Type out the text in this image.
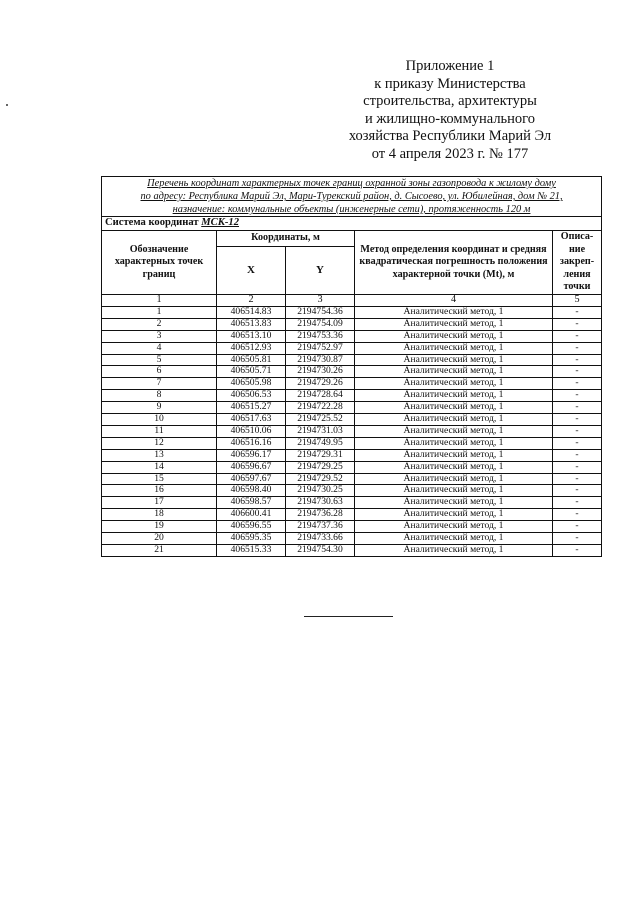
Приложение 1
к приказу Министерства
строительства, архитектуры
и жилищно-коммунального
хозяйства Республики Марий Эл
от 4 апреля 2023 г. № 177
Перечень координат характерных точек границ охранной зоны газопровода к жилому дому
по адресу: Республика Марий Эл, Мари-Турекский район, д. Сысоево, ул. Юбилейная, дом № 21,
назначение: коммунальные объекты (инженерные сети), протяженность 120 м				

Система координат МСК-12				
Обозначение характерных точек границ	Координаты, м		Метод определения координат и средняя квадратическая погрешность положения характерной точки (Mt), м	Описа-ние закреп-ления точки
	X	Y		
1	2	3	4	5
1	406514.83	2194754.36	Аналитический метод, 1	-
2	406513.83	2194754.09	Аналитический метод, 1	-
3	406513.10	2194753.36	Аналитический метод, 1	-
4	406512.93	2194752.97	Аналитический метод, 1	-
5	406505.81	2194730.87	Аналитический метод, 1	-
6	406505.71	2194730.26	Аналитический метод, 1	-
7	406505.98	2194729.26	Аналитический метод, 1	-
8	406506.53	2194728.64	Аналитический метод, 1	-
9	406515.27	2194722.28	Аналитический метод, 1	-
10	406517.63	2194725.52	Аналитический метод, 1	-
11	406510.06	2194731.03	Аналитический метод, 1	-
12	406516.16	2194749.95	Аналитический метод, 1	-
13	406596.17	2194729.31	Аналитический метод, 1	-
14	406596.67	2194729.25	Аналитический метод, 1	-
15	406597.67	2194729.52	Аналитический метод, 1	-
16	406598.40	2194730.25	Аналитический метод, 1	-
17	406598.57	2194730.63	Аналитический метод, 1	-
18	406600.41	2194736.28	Аналитический метод, 1	-
19	406596.55	2194737.36	Аналитический метод, 1	-
20	406595.35	2194733.66	Аналитический метод, 1	-
21	406515.33	2194754.30	Аналитический метод, 1	-
